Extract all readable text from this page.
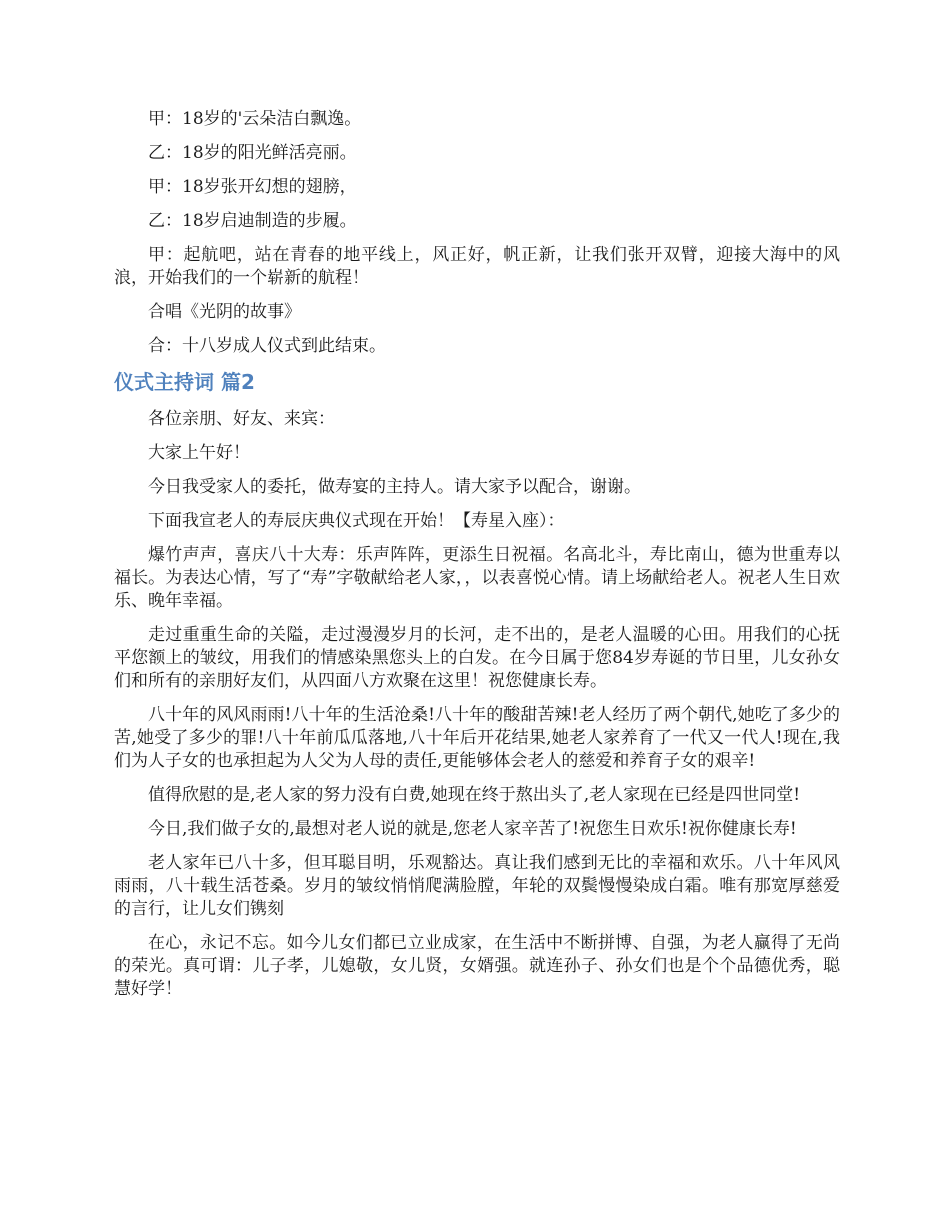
甲：18岁的'云朵洁白飘逸。

乙：18岁的阳光鲜活亮丽。

甲：18岁张开幻想的翅膀，

乙：18岁启迪制造的步履。

甲：起航吧，站在青春的地平线上，风正好，帆正新，让我们张开双臂，迎接大海中的风浪，开始我们的一个崭新的航程！

合唱《光阴的故事》

合：十八岁成人仪式到此结束。

仪式主持词 篇2

各位亲朋、好友、来宾：

大家上午好！

今日我受家人的委托，做寿宴的主持人。请大家予以配合，谢谢。

下面我宣老人的寿辰庆典仪式现在开始！【寿星入座）：

爆竹声声，喜庆八十大寿：乐声阵阵，更添生日祝福。名高北斗，寿比南山，德为世重寿以福长。为表达心情，写了“寿”字敬献给老人家，，以表喜悦心情。请上场献给老人。祝老人生日欢乐、晚年幸福。

走过重重生命的关隘，走过漫漫岁月的长河，走不出的，是老人温暖的心田。用我们的心抚平您额上的皱纹，用我们的情感染黑您头上的白发。在今日属于您84岁寿诞的节日里，儿女孙女们和所有的亲朋好友们，从四面八方欢聚在这里！祝您健康长寿。

八十年的风风雨雨!八十年的生活沧桑!八十年的酸甜苦辣!老人经历了两个朝代,她吃了多少的苦,她受了多少的罪!八十年前瓜瓜落地,八十年后开花结果,她老人家养育了一代又一代人!现在,我们为人子女的也承担起为人父为人母的责任,更能够体会老人的慈爱和养育子女的艰辛!

值得欣慰的是,老人家的努力没有白费,她现在终于熬出头了,老人家现在已经是四世同堂!

今日,我们做子女的,最想对老人说的就是,您老人家辛苦了!祝您生日欢乐!祝你健康长寿!

老人家年已八十多，但耳聪目明，乐观豁达。真让我们感到无比的幸福和欢乐。八十年风风雨雨，八十载生活苍桑。岁月的皱纹悄悄爬满脸膛，年轮的双鬓慢慢染成白霜。唯有那宽厚慈爱的言行，让儿女们镌刻

在心，永记不忘。如今儿女们都已立业成家，在生活中不断拼博、自强，为老人赢得了无尚的荣光。真可谓：儿子孝，儿媳敬，女儿贤，女婿强。就连孙子、孙女们也是个个品德优秀，聪慧好学！
